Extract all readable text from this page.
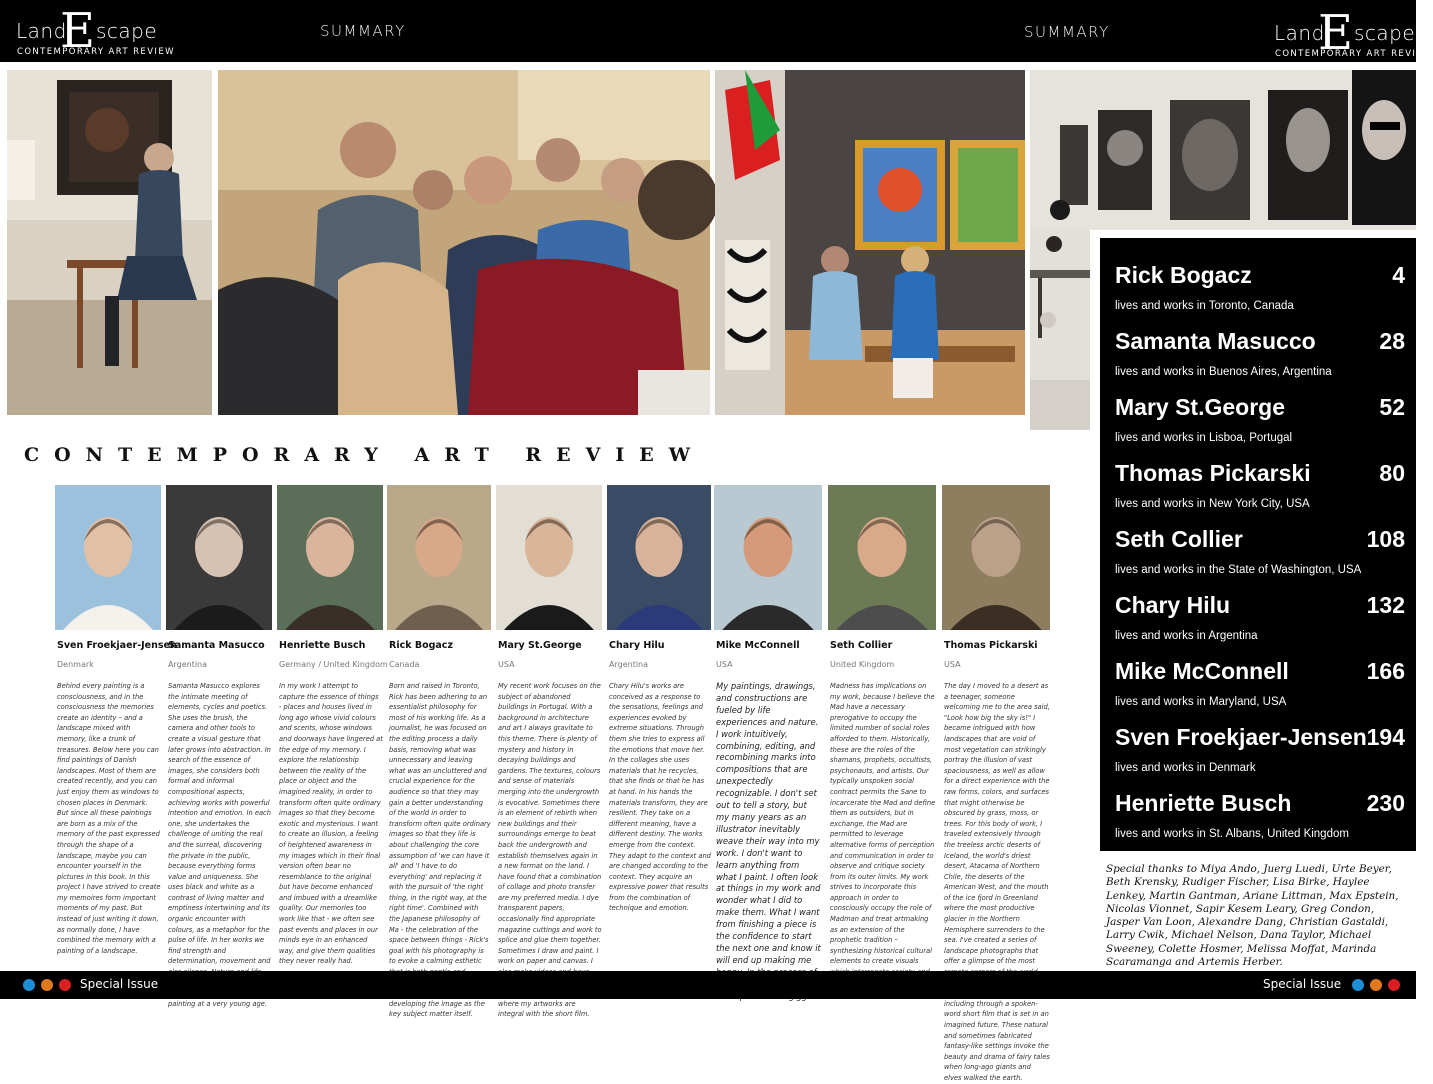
Land
E scape
CONTEMPORARY ART REVIEW
SUMMARY	SUMMARY	Land
E scape
CONTEMPORARY ART REVIEW
CONTEMPORARY ART REVIEW
Sven Froekjaer-Jensen
Denmark
Behind every painting is a consciousness, and in the consciousness the memories create an identity – and a landscape mixed with memory, like a trunk of treasures. Below here you can find paintings of Danish landscapes. Most of them are created recently, and you can just enjoy them as windows to chosen places in Denmark. But since all these paintings are born as a mix of the memory of the past expressed through the shape of a landscape, maybe you can encounter yourself in the pictures in this book. In this project I have strived to create my memoires form important moments of my past. But instead of just writing it down, as normally done, I have combined the memory with a painting of a landscape.
Samanta Masucco
Argentina
Samanta Masucco explores the intimate meeting of elements, cycles and poetics. She uses the brush, the camera and other tools to create a visual gesture that later grows into abstraction. In search of the essence of images, she considers both formal and informal compositional aspects, achieving works with powerful intention and emotion. In each one, she undertakes the challenge of uniting the real and the surreal, discovering the private in the public, because everything forms value and uniqueness. She uses black and white as a contrast of living matter and emptiness intertwining and its organic encounter with colours, as a metaphor for the pulse of life. In her works we find strength and determination, movement and painting at a very young age.
Henriette Busch
Germany / United Kingdom
In my work I attempt to capture the essence of things - places and houses lived in long ago whose vivid colours and scents, whose windows and doorways have lingered at the edge of my memory. I explore the relationship between the reality of the place or object and the imagined reality, in order to transform often quite ordinary images so that they become exotic and mysterious. I want to create an illusion, a feeling of heightened awareness in my images which in their final version often bear no resemblance to the original but have become enhanced and imbued with a dreamlike quality. Our memories too work like that - we often see past events and places in our minds eye in an enhanced way, and give them qualities they never really had.
Rick Bogacz
Canada
Born and raised in Toronto, Rick has been adhering to an essentialist philosophy for most of his working life. As a journalist, he was focused on the editing process a daily basis, removing what was unnecessary and leaving what was an uncluttered and crucial experience for the audience so that they may gain a better understanding of the world in order to transform often quite ordinary images so that they life is about challenging the core assumption of 'we can have it all' and 'I have to do everything' and replacing it with the pursuit of 'the right thing, in the right way, at the right time'. Combined with the Japanese philosophy of Ma - the celebration of the space between things - Rick's goal with his photography is to evoke a calming esthetic developing the image as the key subject matter itself.
Mary St.George
USA
My recent work focuses on the subject of abandoned buildings in Portugal. With a background in architecture and art I always gravitate to this theme. There is plenty of mystery and history in decaying buildings and gardens. The textures, colours and sense of materials merging into the undergrowth is evocative. Sometimes there is an element of rebirth when new buildings and their surroundings emerge to beat back the undergrowth and establish themselves again in a new format on the land. I have found that a combination of collage and photo transfer are my preferred media. I dye transparent papers, occasionally find appropriate magazine cuttings and work to splice and glue them together. Sometimes I draw and paint. I work on paper and canvas. I where my artworks are integral with the short film.
Chary Hilu
Argentina
Chary Hilu's works are conceived as a response to the sensations, feelings and experiences evoked by extreme situations. Through them she tries to express all the emotions that move her. In the collages she uses materials that he recycles, that she finds or that he has at hand. In his hands the materials transform, they are resilient. They take on a different meaning, have a different destiny. The works emerge from the context. They adapt to the context and are changed according to the context. They acquire an expressive power that results from the combination of technique and emotion.
Mike McConnell
USA
My paintings, drawings, and constructions are fueled by life experiences and nature. I work intuitively, combining, editing, and recombining marks into compositions that are unexpectedly recognizable. I don't set out to tell a story, but my many years as an illustrator inevitably weave their way into my work. I don't want to learn anything from what I paint. I often look at things in my work and wonder what I did to make them. What I want from finishing a piece is the confidence to start the next one and know it will end up making me
Seth Collier
United Kingdom
Madness has implications on my work, because I believe the Mad have a necessary prerogative to occupy the limited number of social roles afforded to them. Historically, these are the roles of the shamans, prophets, occultists, psychonauts, and artists. Our typically unspoken social contract permits the Sane to incarcerate the Mad and define them as outsiders, but in exchange, the Mad are permitted to leverage alternative forms of perception and communication in order to observe and critique society from its outer limits. My work strives to incorporate this approach in order to consciously occupy the role of Madman and treat artmaking as an extension of the prophetic tradition – synthesizing historical cultural elements to create visuals
Thomas Pickarski
USA
The day I moved to a desert as a teenager, someone welcoming me to the area said, "Look how big the sky is!" I became intrigued with how landscapes that are void of most vegetation can strikingly portray the illusion of vast spaciousness, as well as allow for a direct experience with the raw forms, colors, and surfaces that might otherwise be obscured by grass, moss, or trees. For this body of work, I traveled extensively through the treeless arctic deserts of Iceland, the world's driest desert, Atacama of Northern Chile, the deserts of the American West, and the mouth of the ice fjord in Greenland where the most productive glacier in the Northern Hemisphere surrenders to the sea. I've created a series of landscape photographs that offer a glimpse of the most including through a spoken-word short film that is set in an imagined future. These natural and sometimes fabricated fantasy-like settings invoke the beauty and drama of fairy tales when long-ago giants and elves walked the earth.
Rick Bogacz	4
lives and works in Toronto, Canada
Samanta Masucco	28
lives and works in Buenos Aires, Argentina
Mary St.George	52
lives and works in Lisboa, Portugal
Thomas Pickarski	80
lives and works in New York City, USA
Seth Collier	108
lives and works in the State of Washington, USA
Chary Hilu	132
lives and works in Argentina
Mike McConnell	166
lives and works in Maryland, USA
Sven Froekjaer-Jensen 194
lives and works in Denmark
Henriette Busch	230
lives and works in St. Albans, United Kingdom
Special thanks to Miya Ando, Juerg Luedi, Urte Beyer, Beth Krensky, Rudiger Fischer, Lisa Birke, Haylee Lenkey, Martin Gantman, Ariane Littman, Max Epstein, Nicolas Vionnet, Sapir Kesem Leary, Greg Condon, Jasper Van Loon, Alexandre Dang, Christian Gastaldi, Larry Cwik, Michael Nelson, Dana Taylor, Michael Sweeney, Colette Hosmer, Melissa Moffat, Marinda Scaramanga and Artemis Herber.
Special Issue	Special Issue
